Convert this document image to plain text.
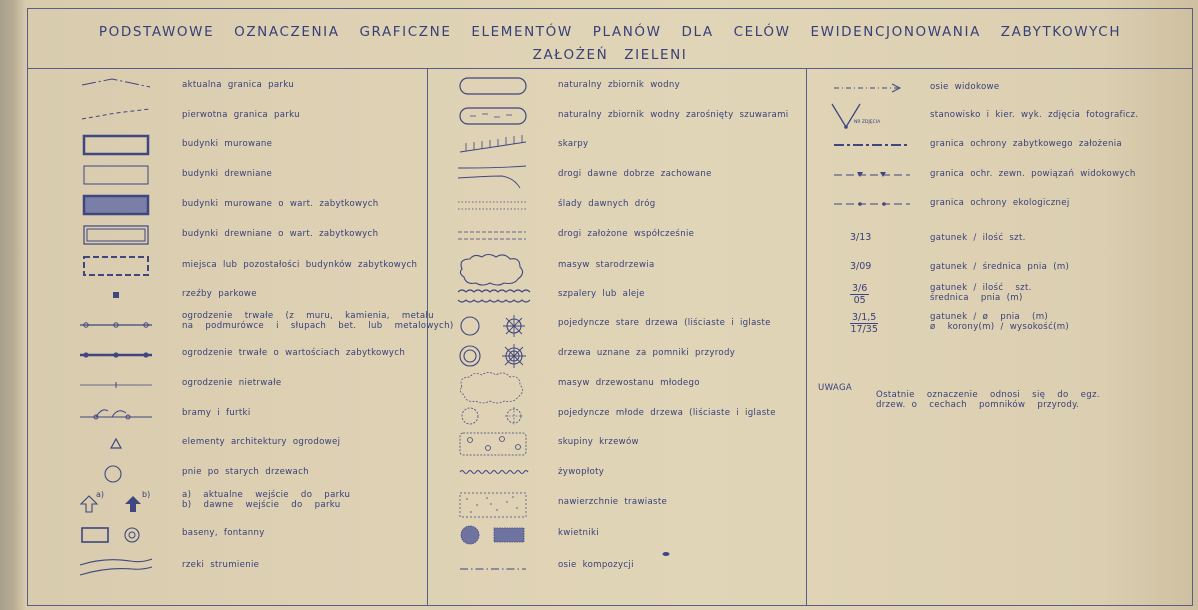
PODSTAWOWE OZNACZENIA GRAFICZNE ELEMENTÓW PLANÓW DLA CELÓW EWIDENCJONOWANIA ZABYTKOWYCH
ZAŁOŻEŃ ZIELENI
aktualna granica parku
pierwotna granica parku
budynki murowane
budynki drewniane
budynki murowane o wart. zabytkowych
budynki drewniane o wart. zabytkowych
miejsca lub pozostałości budynków zabytkowych
rzeźby parkowe
ogrodzenie  trwałe  (z  muru,  kamienia,  metalu
na  podmurówce  i  słupach  bet.  lub  metalowych)
ogrodzenie trwałe o wartościach zabytkowych
ogrodzenie nietrwałe
bramy i furtki
elementy architektury ogrodowej
pnie po starych drzewach
a)	b)	a)  aktualne  wejście  do  parku
b)  dawne  wejście  do  parku
baseny, fontanny
rzeki strumienie
naturalny zbiornik wodny
naturalny zbiornik wodny zarośnięty szuwarami
skarpy
drogi dawne dobrze zachowane
ślady dawnych dróg
drogi założone współcześnie
masyw starodrzewia
szpalery lub aleje
pojedyncze stare drzewa (liściaste i iglaste
drzewa uznane za pomniki przyrody
masyw drzewostanu młodego
pojedyncze młode drzewa (liściaste i iglaste
skupiny krzewów
żywopłoty
nawierzchnie trawiaste
kwietniki
osie kompozycji
osie widokowe
NR ZDJĘCIA
stanowisko i kier. wyk. zdjęcia fotograficz.
granica ochrony zabytkowego założenia
granica ochr. zewn. powiązań widokowych
granica ochrony ekologicznej
3/13	gatunek / ilość szt.
3/09	gatunek / średnica pnia (m)
$\frac{3/6}{05}$	gatunek / ilość  szt.
średnica  pnia (m)
$\frac{3/1,5}{17/35}$	gatunek / ø  pnia  (m)
ø  korony(m) / wysokość(m)
UWAGA
Ostatnie  oznaczenie  odnosi  się  do  egz.
drzew. o  cechach  pomników  przyrody.
